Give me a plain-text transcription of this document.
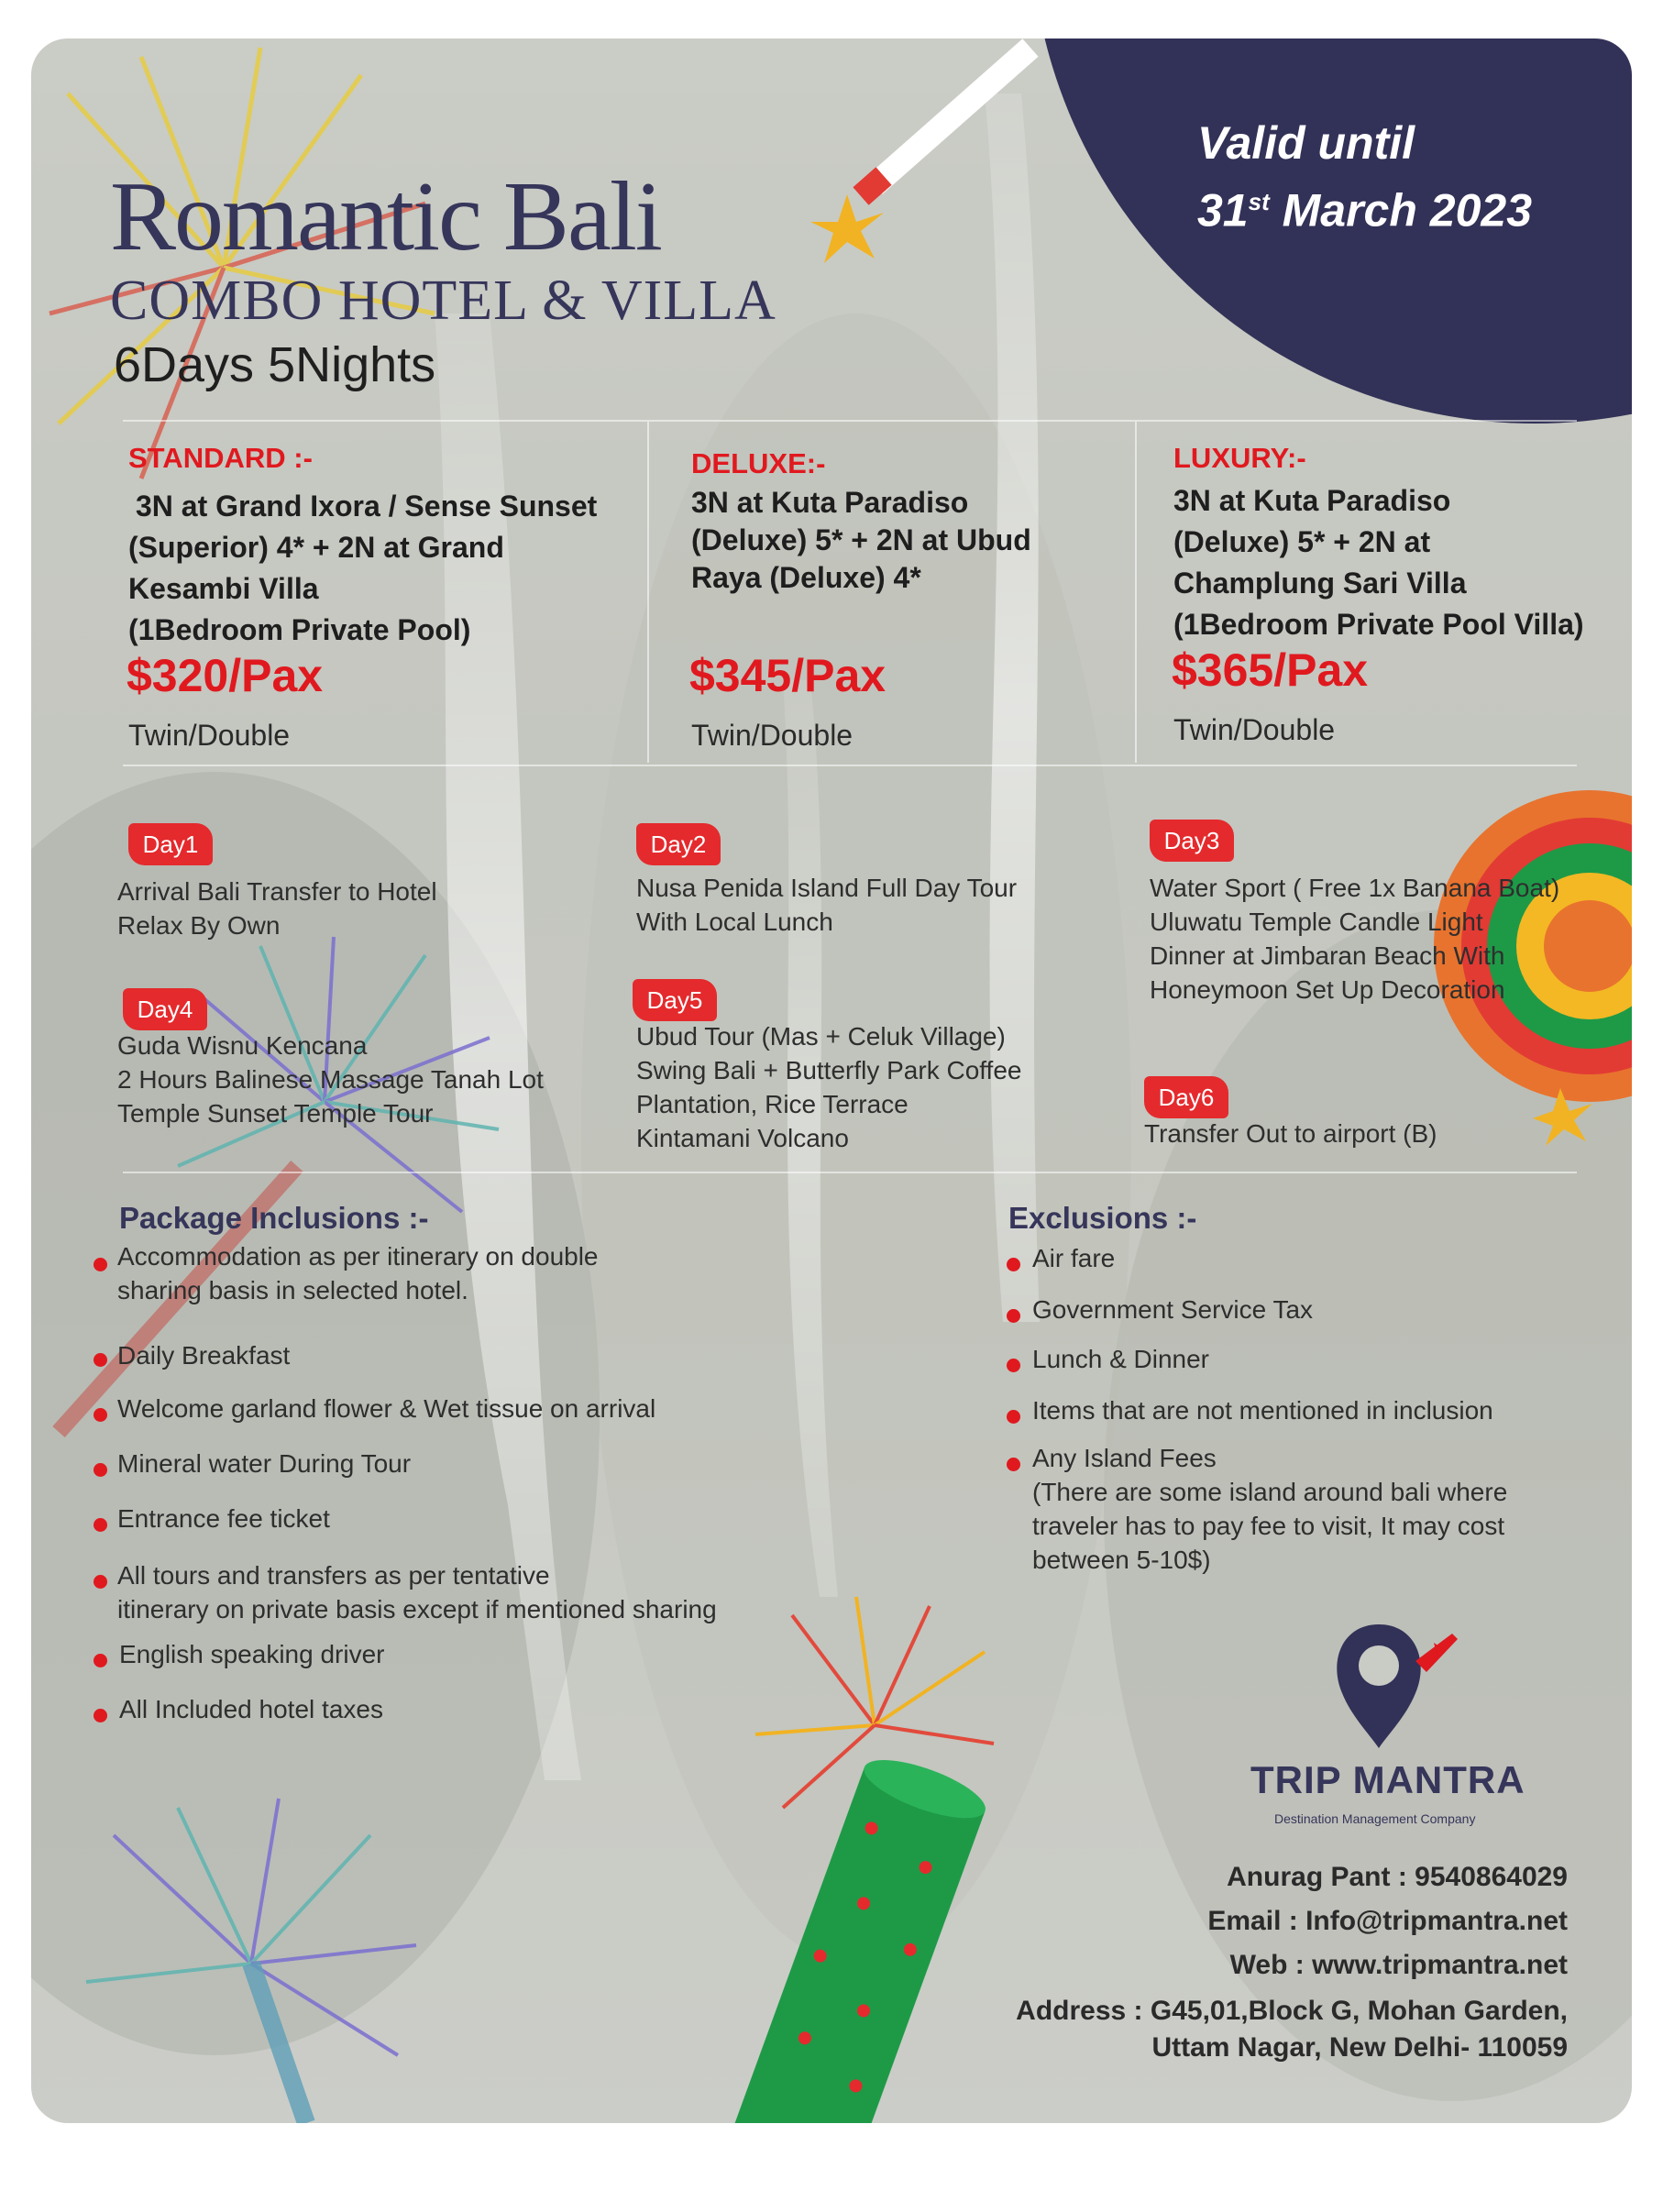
Valid until
31st March 2023
Romantic Bali
COMBO HOTEL & VILLA
6Days 5Nights
STANDARD :-
3N at Grand Ixora / Sense Sunset
(Superior) 4* + 2N at Grand
Kesambi Villa
(1Bedroom Private Pool)
$320/Pax
Twin/Double
DELUXE:-
3N at Kuta Paradiso
(Deluxe) 5* + 2N at Ubud
Raya (Deluxe) 4*
$345/Pax
Twin/Double
LUXURY:-
3N at Kuta Paradiso
(Deluxe) 5* + 2N at
Champlung Sari Villa
(1Bedroom Private Pool Villa)
$365/Pax
Twin/Double
Day1
Arrival Bali Transfer to Hotel
Relax By Own
Day2
Nusa Penida Island Full Day Tour
With Local Lunch
Day3
Water Sport ( Free 1x Banana Boat)
Uluwatu Temple Candle Light
Dinner at Jimbaran Beach With
Honeymoon Set Up Decoration
Day4
Guda Wisnu Kencana
2 Hours Balinese Massage Tanah Lot
Temple Sunset Temple Tour
Day5
Ubud Tour (Mas + Celuk Village)
Swing Bali + Butterfly Park Coffee
Plantation, Rice Terrace
Kintamani Volcano
Day6
Transfer Out to airport (B)
Package Inclusions :-
Accommodation as per itinerary on double
sharing basis in selected hotel.
Daily Breakfast
Welcome garland flower & Wet tissue on arrival
Mineral water During Tour
Entrance fee ticket
All tours and transfers as per tentative
itinerary on private basis except if mentioned sharing
English speaking driver
All Included hotel taxes
Exclusions :-
Air fare
Government Service Tax
Lunch & Dinner
Items that are not mentioned in inclusion
Any Island Fees
(There are some island around bali where
traveler has to pay fee to visit, It may cost
between 5-10$)
TRIP MANTRA
Destination Management Company
Anurag Pant : 9540864029
Email : Info@tripmantra.net
Web : www.tripmantra.net
Address : G45,01,Block G, Mohan Garden,
Uttam Nagar, New Delhi- 110059
